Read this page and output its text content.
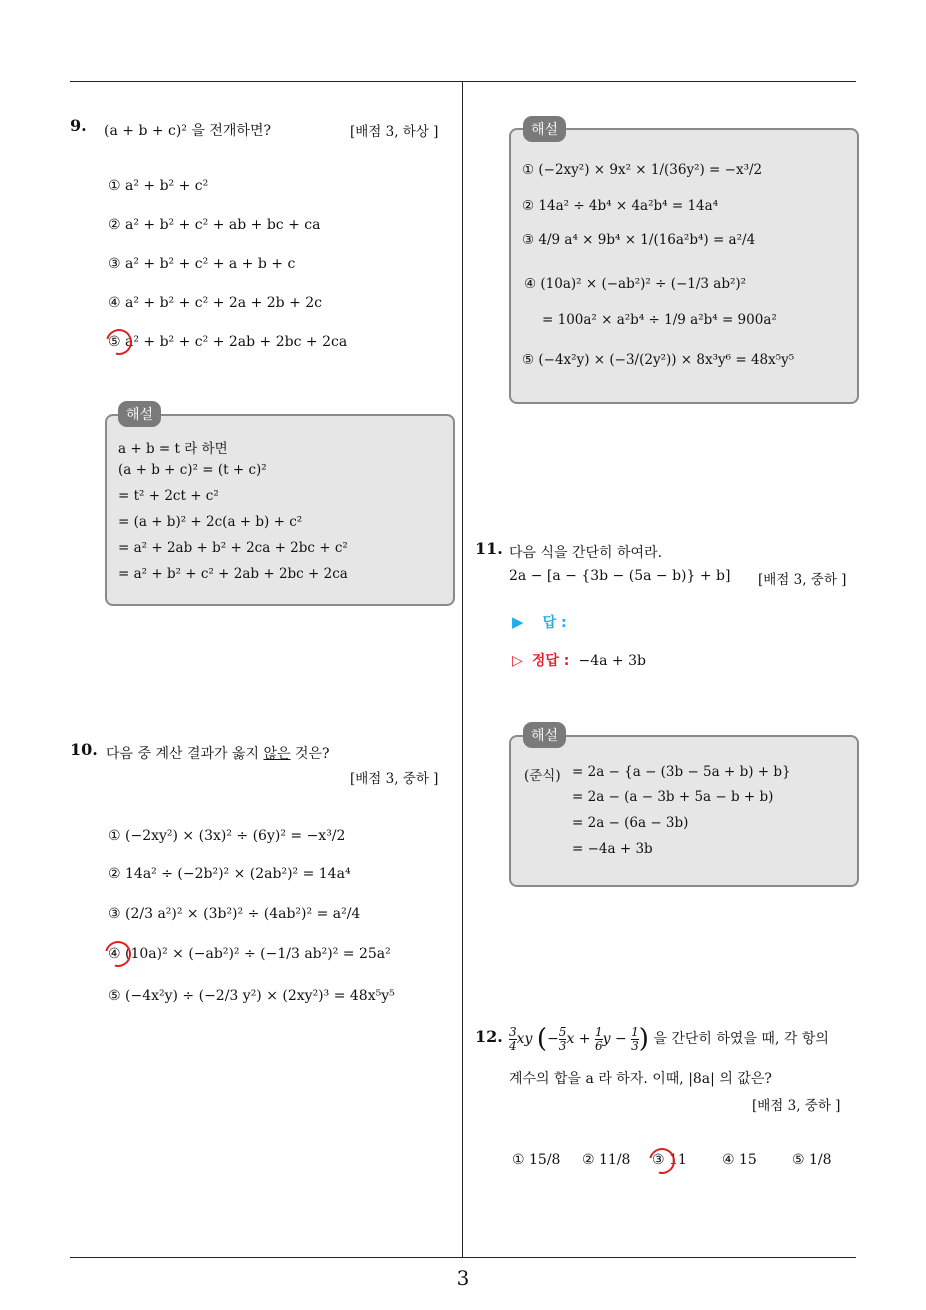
3
9. (a + b + c)² 을 전개하면?	[배점 3, 하상 ]
① a² + b² + c²
② a² + b² + c² + ab + bc + ca
③ a² + b² + c² + a + b + c
④ a² + b² + c² + 2a + 2b + 2c
⑤ a² + b² + c² + 2ab + 2bc + 2ca
해설
a + b = t 라 하면
(a + b + c)² = (t + c)²
= t² + 2ct + c²
= (a + b)² + 2c(a + b) + c²
= a² + 2ab + b² + 2ca + 2bc + c²
= a² + b² + c² + 2ab + 2bc + 2ca
10. 다음 중 계산 결과가 옳지 않은 것은?
[배점 3, 중하 ]
① (−2xy²) × (3x)² ÷ (6y)² = −x³/2
② 14a² ÷ (−2b²)² × (2ab²)² = 14a⁴
③ (2/3 a²)² × (3b²)² ÷ (4ab²)² = a²/4
④ (10a)² × (−ab²)² ÷ (−1/3 ab²)² = 25a²
⑤ (−4x²y) ÷ (−2/3 y²) × (2xy²)³ = 48x⁵y⁵
해설
① (−2xy²) × 9x² × 1/(36y²) = −x³/2
② 14a² ÷ 4b⁴ × 4a²b⁴ = 14a⁴
③ 4/9 a⁴ × 9b⁴ × 1/(16a²b⁴) = a²/4
④ (10a)² × (−ab²)² ÷ (−1/3 ab²)²
= 100a² × a²b⁴ ÷ 1/9 a²b⁴ = 900a²
⑤ (−4x²y) × (−3/(2y²)) × 8x³y⁶ = 48x⁵y⁵
11. 다음 식을 간단히 하여라.
2a − [a − {3b − (5a − b)} + b] [배점 3, 중하 ]
▶ 답 :
▷ 정답 : −4a + 3b
해설
(준식) = 2a − {a − (3b − 5a + b) + b}
= 2a − (a − 3b + 5a − b + b)
= 2a − (6a − 3b)
= −4a + 3b
12. $\frac{3}{4}$ xy (− $\frac{5}{3}$ $x + \frac{1}{6}$ $y - \frac{1}{3}$ ) 을 간단히 하였을 때, 각 항의
계수의 합을 a 라 하자. 이때, |8a| 의 값은?
[배점 3, 중하 ]
① 15/8 ② 11/8 ③ 11	④ 15	⑤ 1/8
